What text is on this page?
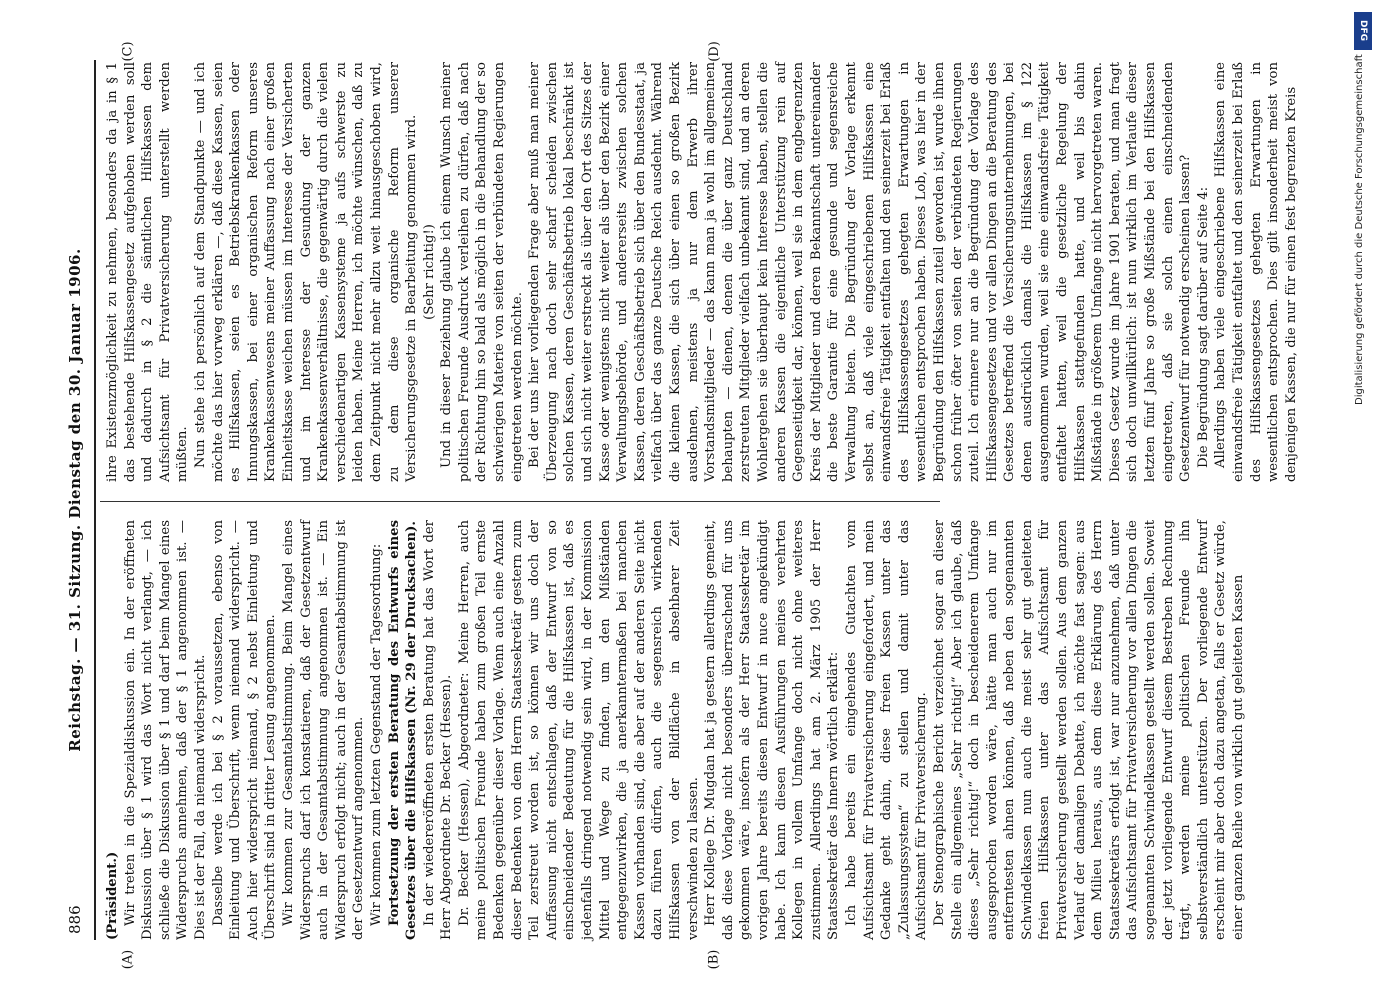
886
Reichstag. — 31. Sitzung. Dienstag den 30. Januar 1906.

(Präsident.) Wir treten in die Spezialdiskussion ein. In der eröffneten Diskussion über § 1 wird das Wort nicht verlangt, — ich schließe die Diskussion über § 1 und darf beim Mangel eines Widerspruchs annehmen, daß der § 1 angenommen ist. — Dies ist der Fall, da niemand widerspricht. Dasselbe werde ich bei § 2 voraussetzen, ebenso von Einleitung und Überschrift, wenn niemand widerspricht. — Auch hier widerspricht niemand, § 2 nebst Einleitung und Überschrift sind in dritter Lesung angenommen. Wir kommen zur Gesamtabstimmung. Beim Mangel eines Widerspruchs darf ich konstatieren, daß der Gesetzentwurf auch in der Gesamtabstimmung angenommen ist. — Ein Widerspruch erfolgt nicht; auch in der Gesamtabstimmung ist der Gesetzentwurf angenommen. Wir kommen zum letzten Gegenstand der Tagesordnung: Fortsetzung der ersten Beratung des Entwurfs eines Gesetzes über die Hilfskassen (Nr. 29 der Drucksachen). In der wiedereröffneten ersten Beratung hat das Wort der Herr Abgeordnete Dr. Becker (Hessen). Dr. Becker (Hessen), Abgeordneter: Meine Herren, auch meine politischen Freunde haben zum großen Teil ernste Bedenken gegenüber dieser Vorlage. Wenn auch eine Anzahl dieser Bedenken von dem Herrn Staatssekretär gestern zum Teil zerstreut worden ist, so können wir uns doch der Auffassung nicht entschlagen, daß der Entwurf von so einschneidender Bedeutung für die Hilfskassen ist, daß es jedenfalls dringend notwendig sein wird, in der Kommission Mittel und Wege zu finden, um den Mißständen entgegenzuwirken, die ja anerkanntermaßen bei manchen Kassen vorhanden sind, die aber auf der anderen Seite nicht dazu führen dürfen, auch die segensreich wirkenden Hilfskassen von der Bildfläche in absehbarer Zeit verschwinden zu lassen. Herr Kollege Dr. Mugdan hat ja gestern allerdings gemeint, daß diese Vorlage nicht besonders überraschend für uns gekommen wäre, insofern als der Herr Staatssekretär im vorigen Jahre bereits diesen Entwurf in nuce angekündigt habe. Ich kann diesen Ausführungen meines verehrten Kollegen in vollem Umfange doch nicht ohne weiteres zustimmen. Allerdings hat am 2. März 1905 der Herr Staatssekretär des Innern wörtlich erklärt: Ich habe bereits ein eingehendes Gutachten vom Aufsichtsamt für Privatversicherung eingefordert, und mein Gedanke geht dahin, diese freien Kassen unter das „Zulassungssystem“ zu stellen und damit unter das Aufsichtsamt für Privatversicherung. Der Stenographische Bericht verzeichnet sogar an dieser Stelle ein allgemeines „Sehr richtig!“ Aber ich glaube, daß dieses „Sehr richtig!“ doch in bescheidenerem Umfange ausgesprochen worden wäre, hätte man auch nur im entferntesten ahnen können, daß neben den sogenannten Schwindelkassen nun auch die meist sehr gut geleiteten freien Hilfskassen unter das Aufsichtsamt für Privatversicherung gestellt werden sollen. Aus dem ganzen Verlauf der damaligen Debatte, ich möchte fast sagen: aus dem Milieu heraus, aus dem diese Erklärung des Herrn Staatssekretärs erfolgt ist, war nur anzunehmen, daß unter das Aufsichtsamt für Privatversicherung vor allen Dingen die sogenannten Schwindelkassen gestellt werden sollen. Soweit der jetzt vorliegende Entwurf diesem Bestreben Rechnung trägt, werden meine politischen Freunde ihn selbstverständlich unterstützen. Der vorliegende Entwurf erscheint mir aber doch dazu angetan, falls er Gesetz würde, einer ganzen Reihe von wirklich gut geleiteten Kassen

ihre Existenzmöglichkeit zu nehmen, besonders da ja in § 1 das bestehende Hilfskassengesetz aufgehoben werden soll und dadurch in § 2 die sämtlichen Hilfskassen dem Aufsichtsamt für Privatversicherung unterstellt werden müßten. Nun stehe ich persönlich auf dem Standpunkte — und ich möchte das hier vorweg erklären —, daß diese Kassen, seien es Hilfskassen, seien es Betriebskrankenkassen oder Innungskassen, bei einer organischen Reform unseres Krankenkassenwesens meiner Auffassung nach einer großen Einheitskasse weichen müssen im Interesse der Versicherten und im Interesse der Gesundung der ganzen Krankenkassenverhältnisse, die gegenwärtig durch die vielen verschiedenartigen Kassensysteme ja aufs schwerste zu leiden haben. Meine Herren, ich möchte wünschen, daß zu dem Zeitpunkt nicht mehr allzu weit hinausgeschoben wird, zu dem diese organische Reform unserer Versicherungsgesetze in Bearbeitung genommen wird. (Sehr richtig!) Und in dieser Beziehung glaube ich einem Wunsch meiner politischen Freunde Ausdruck verleihen zu dürfen, daß nach der Richtung hin so bald als möglich in die Behandlung der so schwierigen Materie von seiten der verbündeten Regierungen eingetreten werden möchte. Bei der uns hier vorliegenden Frage aber muß man meiner Überzeugung nach doch sehr scharf scheiden zwischen solchen Kassen, deren Geschäftsbetrieb lokal beschränkt ist und sich nicht weiter erstreckt als über den Ort des Sitzes der Kasse oder wenigstens nicht weiter als über den Bezirk einer Verwaltungsbehörde, und andererseits zwischen solchen Kassen, deren Geschäftsbetrieb sich über den Bundesstaat, ja vielfach über das ganze Deutsche Reich ausdehnt. Während die kleinen Kassen, die sich über einen so großen Bezirk ausdehnen, meistens ja nur dem Erwerb ihrer Vorstandsmitglieder — das kann man ja wohl im allgemeinen behaupten — dienen, denen die über ganz Deutschland zerstreuten Mitglieder vielfach unbekannt sind, und an deren Wohlergehen sie überhaupt kein Interesse haben, stellen die anderen Kassen die eigentliche Unterstützung rein auf Gegenseitigkeit dar, können, weil sie in dem engbegrenzten Kreis der Mitglieder und deren Bekanntschaft untereinander die beste Garantie für eine gesunde und segensreiche Verwaltung bieten. Die Begründung der Vorlage erkennt selbst an, daß viele eingeschriebenen Hilfskassen eine einwandsfreie Tätigkeit entfalten und den seinerzeit bei Erlaß des Hilfskassengesetzes gehegten Erwartungen in wesentlichen entsprochen haben. Dieses Lob, was hier in der Begründung den Hilfskassen zuteil geworden ist, wurde ihnen schon früher öfter von seiten der verbündeten Regierungen zuteil. Ich erinnere nur an die Begründung der Vorlage des Hilfskassengesetzes und vor allen Dingen an die Beratung des Gesetzes betreffend die Versicherungsunternehmungen, bei denen ausdrücklich damals die Hilfskassen im § 122 ausgenommen wurden, weil sie eine einwandsfreie Tätigkeit entfaltet hatten, weil die gesetzliche Regelung der Hilfskassen stattgefunden hatte, und weil bis dahin Mißstände in größerem Umfange nicht hervorgetreten waren. Dieses Gesetz wurde im Jahre 1901 beraten, und man fragt sich doch unwillkürlich: ist nun wirklich im Verlaufe dieser letzten fünf Jahre so große Mißstände bei den Hilfskassen eingetreten, daß sie solch einen einschneidenden Gesetzentwurf für notwendig erscheinen lassen? Die Begründung sagt darüber auf Seite 4: Allerdings haben viele eingeschriebene Hilfskassen eine einwandsfreie Tätigkeit entfaltet und den seinerzeit bei Erlaß des Hilfskassengesetzes gehegten Erwartungen in wesentlichen entsprochen. Dies gilt insonderheit meist von denjenigen Kassen, die nur für einen fest begrenzten Kreis

(A)	(B)
(C)	(D)
DFG
Digitalisierung gefördert durch die Deutsche Forschungsgemeinschaft
